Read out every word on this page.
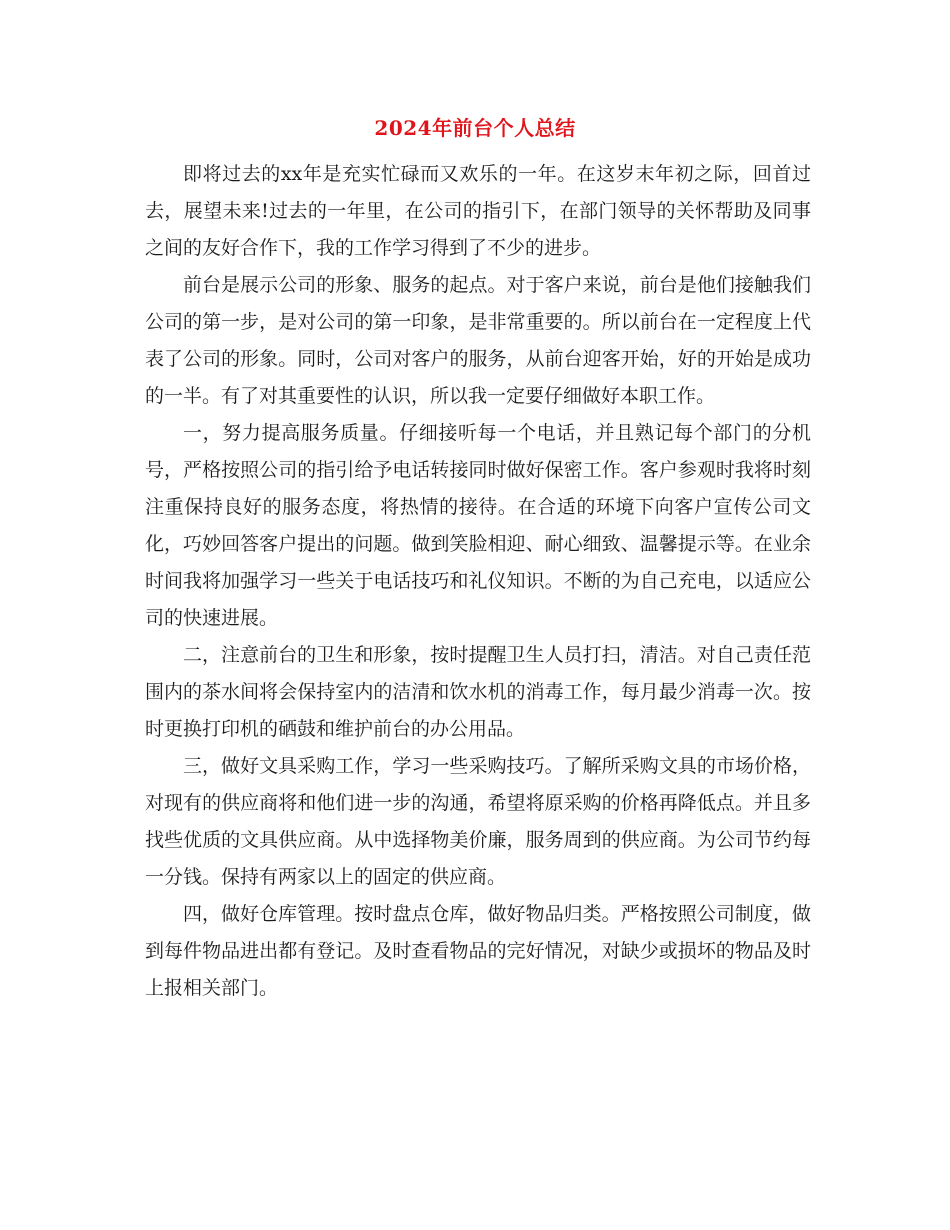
2024年前台个人总结

即将过去的xx年是充实忙碌而又欢乐的一年。在这岁末年初之际，回首过去，展望未来!过去的一年里，在公司的指引下，在部门领导的关怀帮助及同事之间的友好合作下，我的工作学习得到了不少的进步。

前台是展示公司的形象、服务的起点。对于客户来说，前台是他们接触我们公司的第一步，是对公司的第一印象，是非常重要的。所以前台在一定程度上代表了公司的形象。同时，公司对客户的服务，从前台迎客开始，好的开始是成功的一半。有了对其重要性的认识，所以我一定要仔细做好本职工作。

一，努力提高服务质量。仔细接听每一个电话，并且熟记每个部门的分机号，严格按照公司的指引给予电话转接同时做好保密工作。客户参观时我将时刻注重保持良好的服务态度，将热情的接待。在合适的环境下向客户宣传公司文化，巧妙回答客户提出的问题。做到笑脸相迎、耐心细致、温馨提示等。在业余时间我将加强学习一些关于电话技巧和礼仪知识。不断的为自己充电，以适应公司的快速进展。

二，注意前台的卫生和形象，按时提醒卫生人员打扫，清洁。对自己责任范围内的茶水间将会保持室内的洁清和饮水机的消毒工作，每月最少消毒一次。按时更换打印机的硒鼓和维护前台的办公用品。

三，做好文具采购工作，学习一些采购技巧。了解所采购文具的市场价格，对现有的供应商将和他们进一步的沟通，希望将原采购的价格再降低点。并且多找些优质的文具供应商。从中选择物美价廉，服务周到的供应商。为公司节约每一分钱。保持有两家以上的固定的供应商。

四，做好仓库管理。按时盘点仓库，做好物品归类。严格按照公司制度，做到每件物品进出都有登记。及时查看物品的完好情况，对缺少或损坏的物品及时上报相关部门。
